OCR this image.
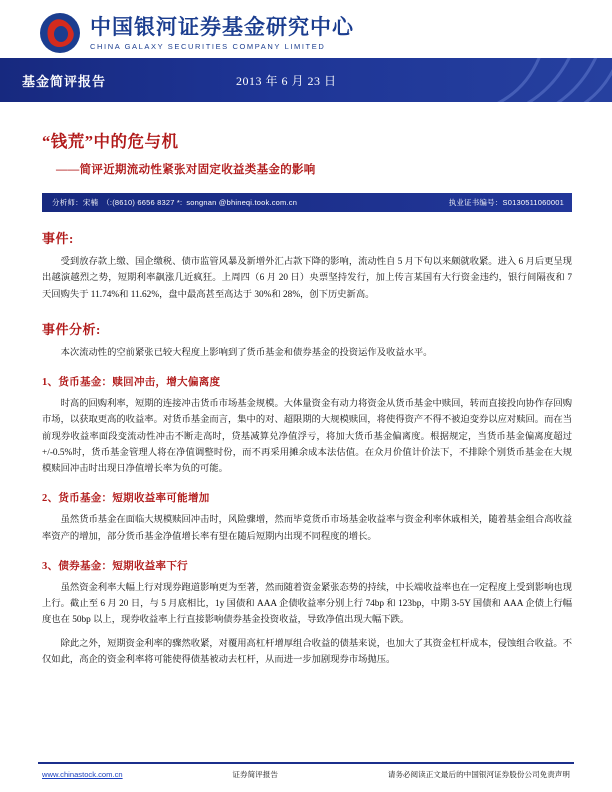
中国银河证券基金研究中心
CHINA GALAXY SECURITIES COMPANY LIMITED
基金简评报告	2013 年 6 月 23 日
“钱荒”中的危与机
——简评近期流动性紧张对固定收益类基金的影响
分析师： 宋楠 （:(8610) 6656 8327 *: songnan @bhineqi.took.com.cn	执业证书编号：S0130511060001
事件:

受到放存款上缴、国企缴税、债市监管风暴及新增外汇占款下降的影响，流动性自 5 月下旬以来颇就收紧。进入 6 月后更呈现出越演越烈之势，短期利率飙涨几近疯狂。上周四（6 月 20 日）央票坚持发行，加上传言某国有大行资金违约，银行间隔夜和 7 天回购失于 11.74%和 11.62%，盘中最高甚至高达于 30%和 28%，创下历史新高。

事件分析:

本次流动性的空前紧张已较大程度上影响到了货币基金和债券基金的投资运作及收益水平。

1、货币基金：赎回冲击，增大偏离度

时高的回购利率，短期的连接冲击货币市场基金规模。大体量资金有动力将资金从货币基金中赎回，转而直接投向协作存回购市场，以获取更高的收益率。对货币基金而言，集中的对、超限期的大规模赎回，将使得资产不得不被迫变券以应对赎回。而在当前现券收益率面段变流动性冲击不断走高时，贷基减算兑净值浮亏，将加大货币基金偏离度。根据规定，当货币基金偏离度超过+/-0.5%时，货币基金管理人将在净值调整时份，而不再采用摊余成本法估值。在众月价值计价法下，不排除个别货币基金在大规模赎回冲击时出现日净值增长率为负的可能。

2、货币基金：短期收益率可能增加

虽然货币基金在面临大规模赎回冲击时，风险骤增，然而毕竟货币市场基金收益率与资金利率休戚相关，随着基金组合高收益率资产的增加，部分货币基金净值增长率有望在随后短期内出现不同程度的增长。

3、债券基金：短期收益率下行

虽然资金利率大幅上行对现券跑道影响更为至著，然而随着资金紧张态势的持续，中长端收益率也在一定程度上受到影响也现上行。截止至 6 月 20 日，与 5 月底相比，1y 国债和 AAA 企债收益率分别上行 74bp 和 123bp，中期 3-5Y 国债和 AAA 企债上行幅度也在 50bp 以上，现券收益率上行直接影响债券基金投资收益，导致净值出现大幅下跌。

除此之外，短期资金利率的骤然收紧，对覆用高杠杆增厚组合收益的债基来说，也加大了其资金杠杆成本，侵蚀组合收益。不仅如此，高企的资金利率将可能使得债基被动去杠杆，从而进一步加剧现券市场抛压。

www.chinastock.com.cn	证券简评报告	请务必阅读正文最后的中国银河证券股份公司免责声明
